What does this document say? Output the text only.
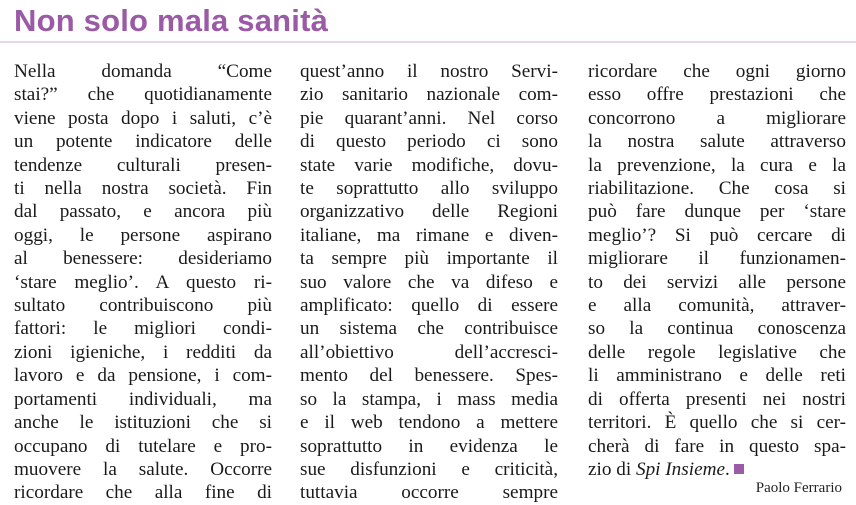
Non solo mala sanità
Nella domanda “Come
stai?” che quotidianamente
viene posta dopo i saluti, c’è
un potente indicatore delle
tendenze culturali presen-
ti nella nostra società. Fin
dal passato, e ancora più
oggi, le persone aspirano
al benessere: desideriamo
‘stare meglio’. A questo ri-
sultato contribuiscono più
fattori: le migliori condi-
zioni igieniche, i redditi da
lavoro e da pensione, i com-
portamenti individuali, ma
anche le istituzioni che si
occupano di tutelare e pro-
muovere la salute. Occorre
ricordare che alla fine di
quest’anno il nostro Servi-
zio sanitario nazionale com-
pie quarant’anni. Nel corso
di questo periodo ci sono
state varie modifiche, dovu-
te soprattutto allo sviluppo
organizzativo delle Regioni
italiane, ma rimane e diven-
ta sempre più importante il
suo valore che va difeso e
amplificato: quello di essere
un sistema che contribuisce
all’obiettivo dell’accresci-
mento del benessere. Spes-
so la stampa, i mass media
e il web tendono a mettere
soprattutto in evidenza le
sue disfunzioni e criticità,
tuttavia occorre sempre
ricordare che ogni giorno
esso offre prestazioni che
concorrono a migliorare
la nostra salute attraverso
la prevenzione, la cura e la
riabilitazione. Che cosa si
può fare dunque per ‘stare
meglio’? Si può cercare di
migliorare il funzionamen-
to dei servizi alle persone
e alla comunità, attraver-
so la continua conoscenza
delle regole legislative che
li amministrano e delle reti
di offerta presenti nei nostri
territori. È quello che si cer-
cherà di fare in questo spa-
zio di Spi Insieme.
Paolo Ferrario
